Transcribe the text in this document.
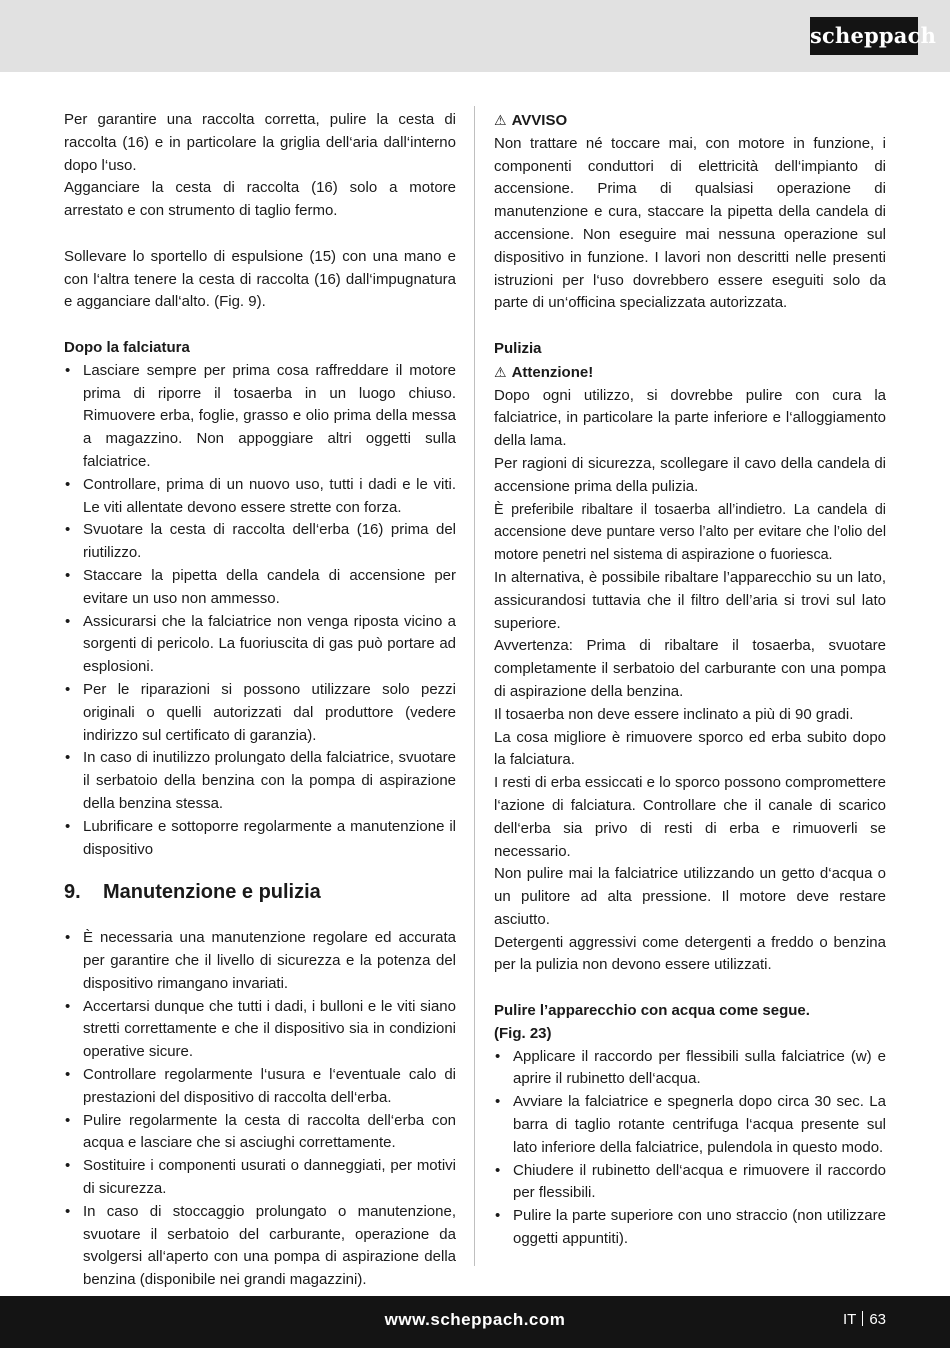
scheppach

Per garantire una raccolta corretta, pulire la cesta di raccolta (16) e in particolare la griglia dell‘aria dall‘interno dopo l‘uso.

Agganciare la cesta di raccolta (16) solo a motore arrestato e con strumento di taglio fermo.

Sollevare lo sportello di espulsione (15) con una mano e con l‘altra tenere la cesta di raccolta (16) dall‘impugnatura e agganciare dall‘alto. (Fig. 9).

Dopo la falciatura

• Lasciare sempre per prima cosa raffreddare il motore prima di riporre il tosaerba in un luogo chiuso. Rimuovere erba, foglie, grasso e olio prima della messa a magazzino. Non appoggiare altri oggetti sulla falciatrice.
• Controllare, prima di un nuovo uso, tutti i dadi e le viti. Le viti allentate devono essere strette con forza.
• Svuotare la cesta di raccolta dell‘erba (16) prima del riutilizzo.
• Staccare la pipetta della candela di accensione per evitare un uso non ammesso.
• Assicurarsi che la falciatrice non venga riposta vicino a sorgenti di pericolo. La fuoriuscita di gas può portare ad esplosioni.
• Per le riparazioni si possono utilizzare solo pezzi originali o quelli autorizzati dal produttore (vedere indirizzo sul certificato di garanzia).
• In caso di inutilizzo prolungato della falciatrice, svuotare il serbatoio della benzina con la pompa di aspirazione della benzina stessa.
• Lubrificare e sottoporre regolarmente a manutenzione il dispositivo
9.	Manutenzione e pulizia
• È necessaria una manutenzione regolare ed accurata per garantire che il livello di sicurezza e la potenza del dispositivo rimangano invariati.
• Accertarsi dunque che tutti i dadi, i bulloni e le viti siano stretti correttamente e che il dispositivo sia in condizioni operative sicure.
• Controllare regolarmente l‘usura e l‘eventuale calo di prestazioni del dispositivo di raccolta dell‘erba.
• Pulire regolarmente la cesta di raccolta dell‘erba con acqua e lasciare che si asciughi correttamente.
• Sostituire i componenti usurati o danneggiati, per motivi di sicurezza.
• In caso di stoccaggio prolungato o manutenzione, svuotare il serbatoio del carburante, operazione da svolgersi all‘aperto con una pompa di aspirazione della benzina (disponibile nei grandi magazzini).

⚠ AVVISO

Non trattare né toccare mai, con motore in funzione, i componenti conduttori di elettricità dell‘impianto di accensione. Prima di qualsiasi operazione di manutenzione e cura, staccare la pipetta della candela di accensione. Non eseguire mai nessuna operazione sul dispositivo in funzione. I lavori non descritti nelle presenti istruzioni per l‘uso dovrebbero essere eseguiti solo da parte di un‘officina specializzata autorizzata.

Pulizia

⚠ Attenzione!

Dopo ogni utilizzo, si dovrebbe pulire con cura la falciatrice, in particolare la parte inferiore e l‘alloggiamento della lama.

Per ragioni di sicurezza, scollegare il cavo della candela di accensione prima della pulizia.

È preferibile ribaltare il tosaerba all’indietro. La candela di accensione deve puntare verso l’alto per evitare che l’olio del motore penetri nel sistema di aspirazione o fuoriesca.

In alternativa, è possibile ribaltare l’apparecchio su un lato, assicurandosi tuttavia che il filtro dell’aria si trovi sul lato superiore.

Avvertenza: Prima di ribaltare il tosaerba, svuotare completamente il serbatoio del carburante con una pompa di aspirazione della benzina.

Il tosaerba non deve essere inclinato a più di 90 gradi.

La cosa migliore è rimuovere sporco ed erba subito dopo la falciatura.

I resti di erba essiccati e lo sporco possono compromettere l‘azione di falciatura. Controllare che il canale di scarico dell‘erba sia privo di resti di erba e rimuoverli se necessario.

Non pulire mai la falciatrice utilizzando un getto d‘acqua o un pulitore ad alta pressione. Il motore deve restare asciutto.

Detergenti aggressivi come detergenti a freddo o benzina per la pulizia non devono essere utilizzati.

Pulire l’apparecchio con acqua come segue.

(Fig. 23)

• Applicare il raccordo per flessibili sulla falciatrice (w) e aprire il rubinetto dell‘acqua.
• Avviare la falciatrice e spegnerla dopo circa 30 sec. La barra di taglio rotante centrifuga l‘acqua presente sul lato inferiore della falciatrice, pulendola in questo modo.
• Chiudere il rubinetto dell‘acqua e rimuovere il raccordo per flessibili.
• Pulire la parte superiore con uno straccio (non utilizzare oggetti appuntiti).
www.scheppach.com	IT 63
